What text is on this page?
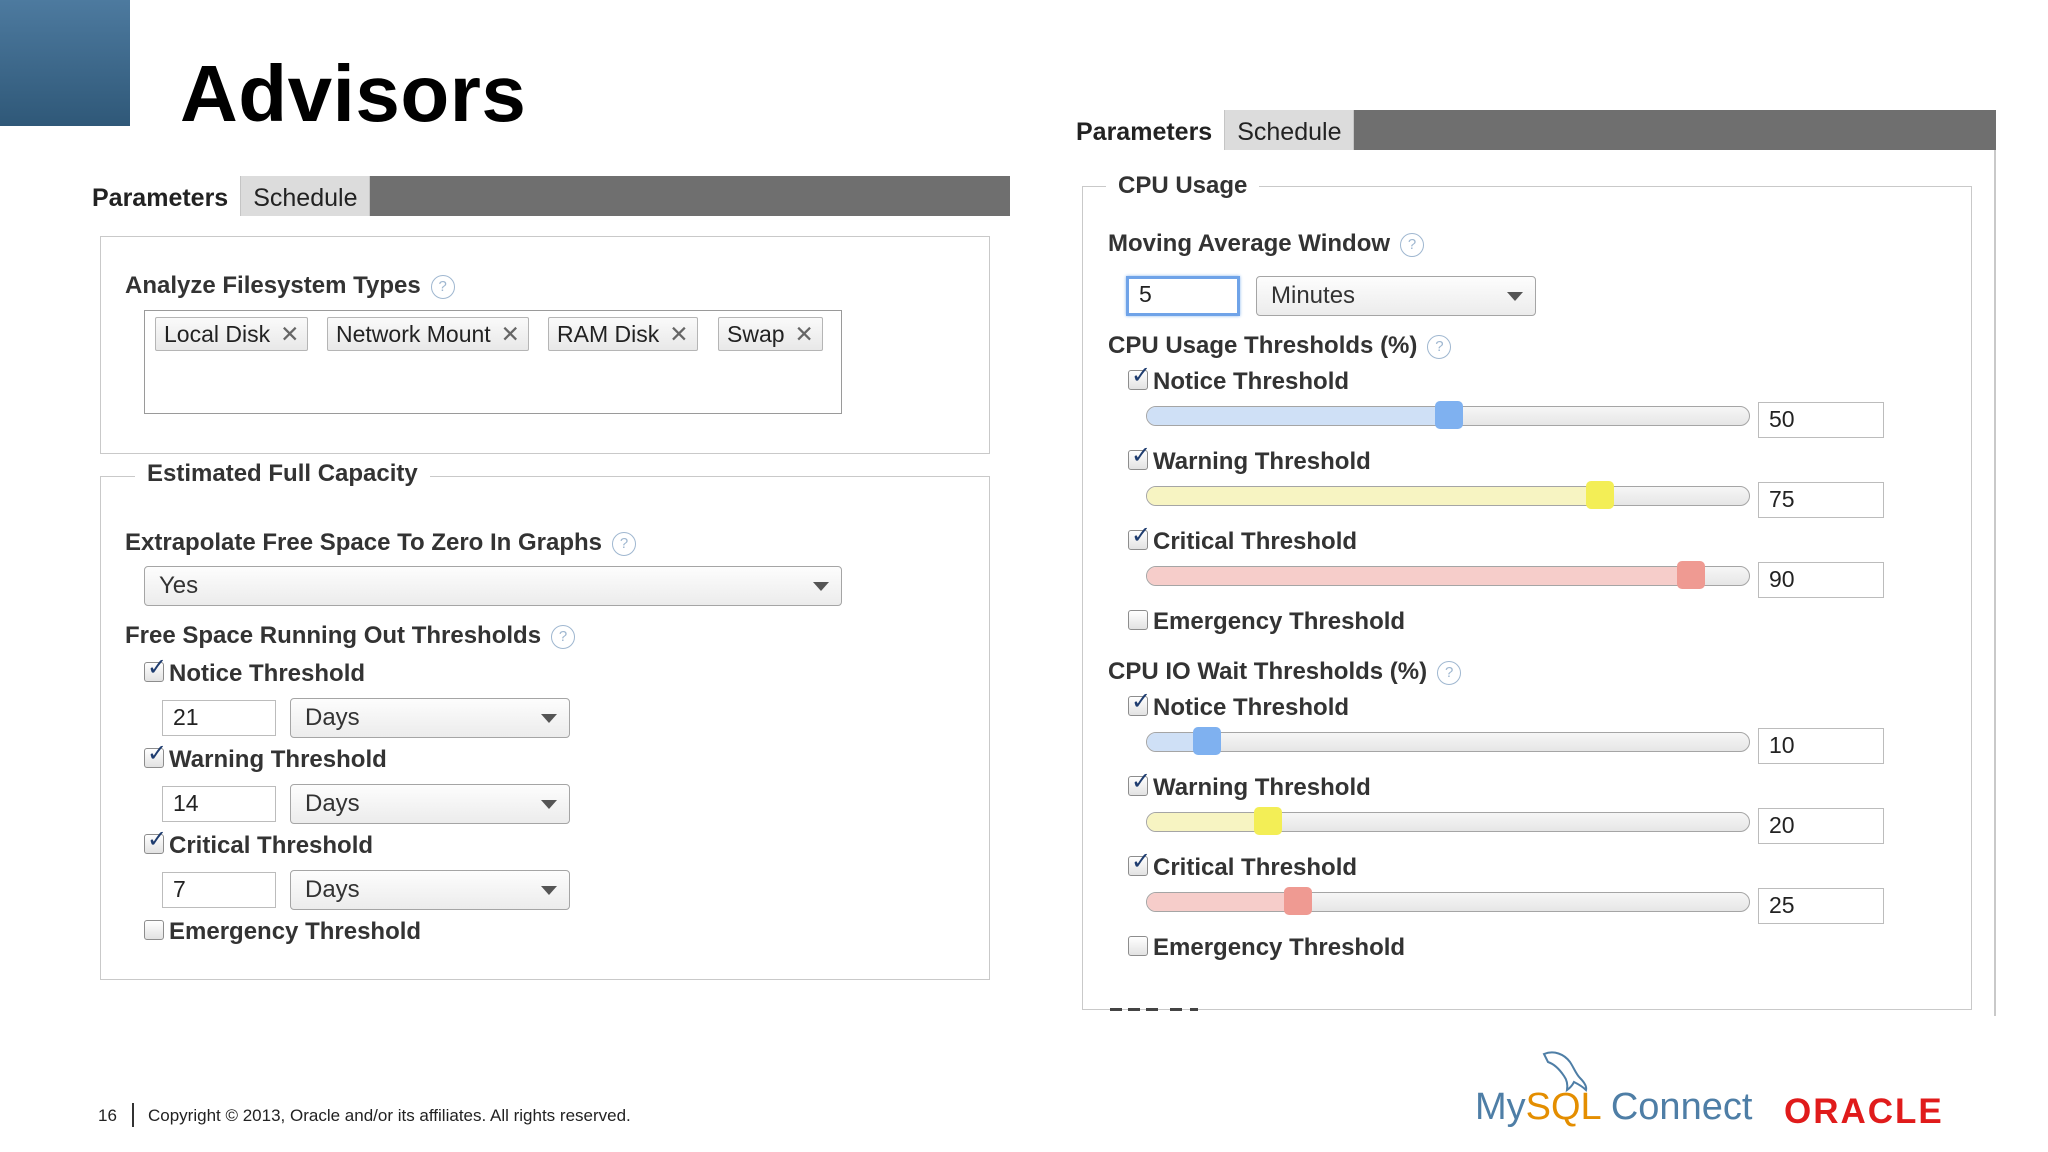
Advisors
Parameters	Schedule
Analyze Filesystem Types ?
Local Disk ✕	Network Mount ✕	RAM Disk ✕	Swap ✕
Estimated Full Capacity
Extrapolate Free Space To Zero In Graphs ?
Yes
Free Space Running Out Thresholds ?
✓ Notice Threshold
21	Days
✓ Warning Threshold
14	Days
✓ Critical Threshold
7	Days
Emergency Threshold
Parameters	Schedule
CPU Usage
Moving Average Window ?
5	Minutes
CPU Usage Thresholds (%) ?
✓ Notice Threshold
50
✓ Warning Threshold
75
✓ Critical Threshold
90
Emergency Threshold
CPU IO Wait Thresholds (%) ?
✓ Notice Threshold
10
✓ Warning Threshold
20
✓ Critical Threshold
25
Emergency Threshold
16 Copyright © 2013, Oracle and/or its affiliates. All rights reserved.	MySQL Connect ORACLE
